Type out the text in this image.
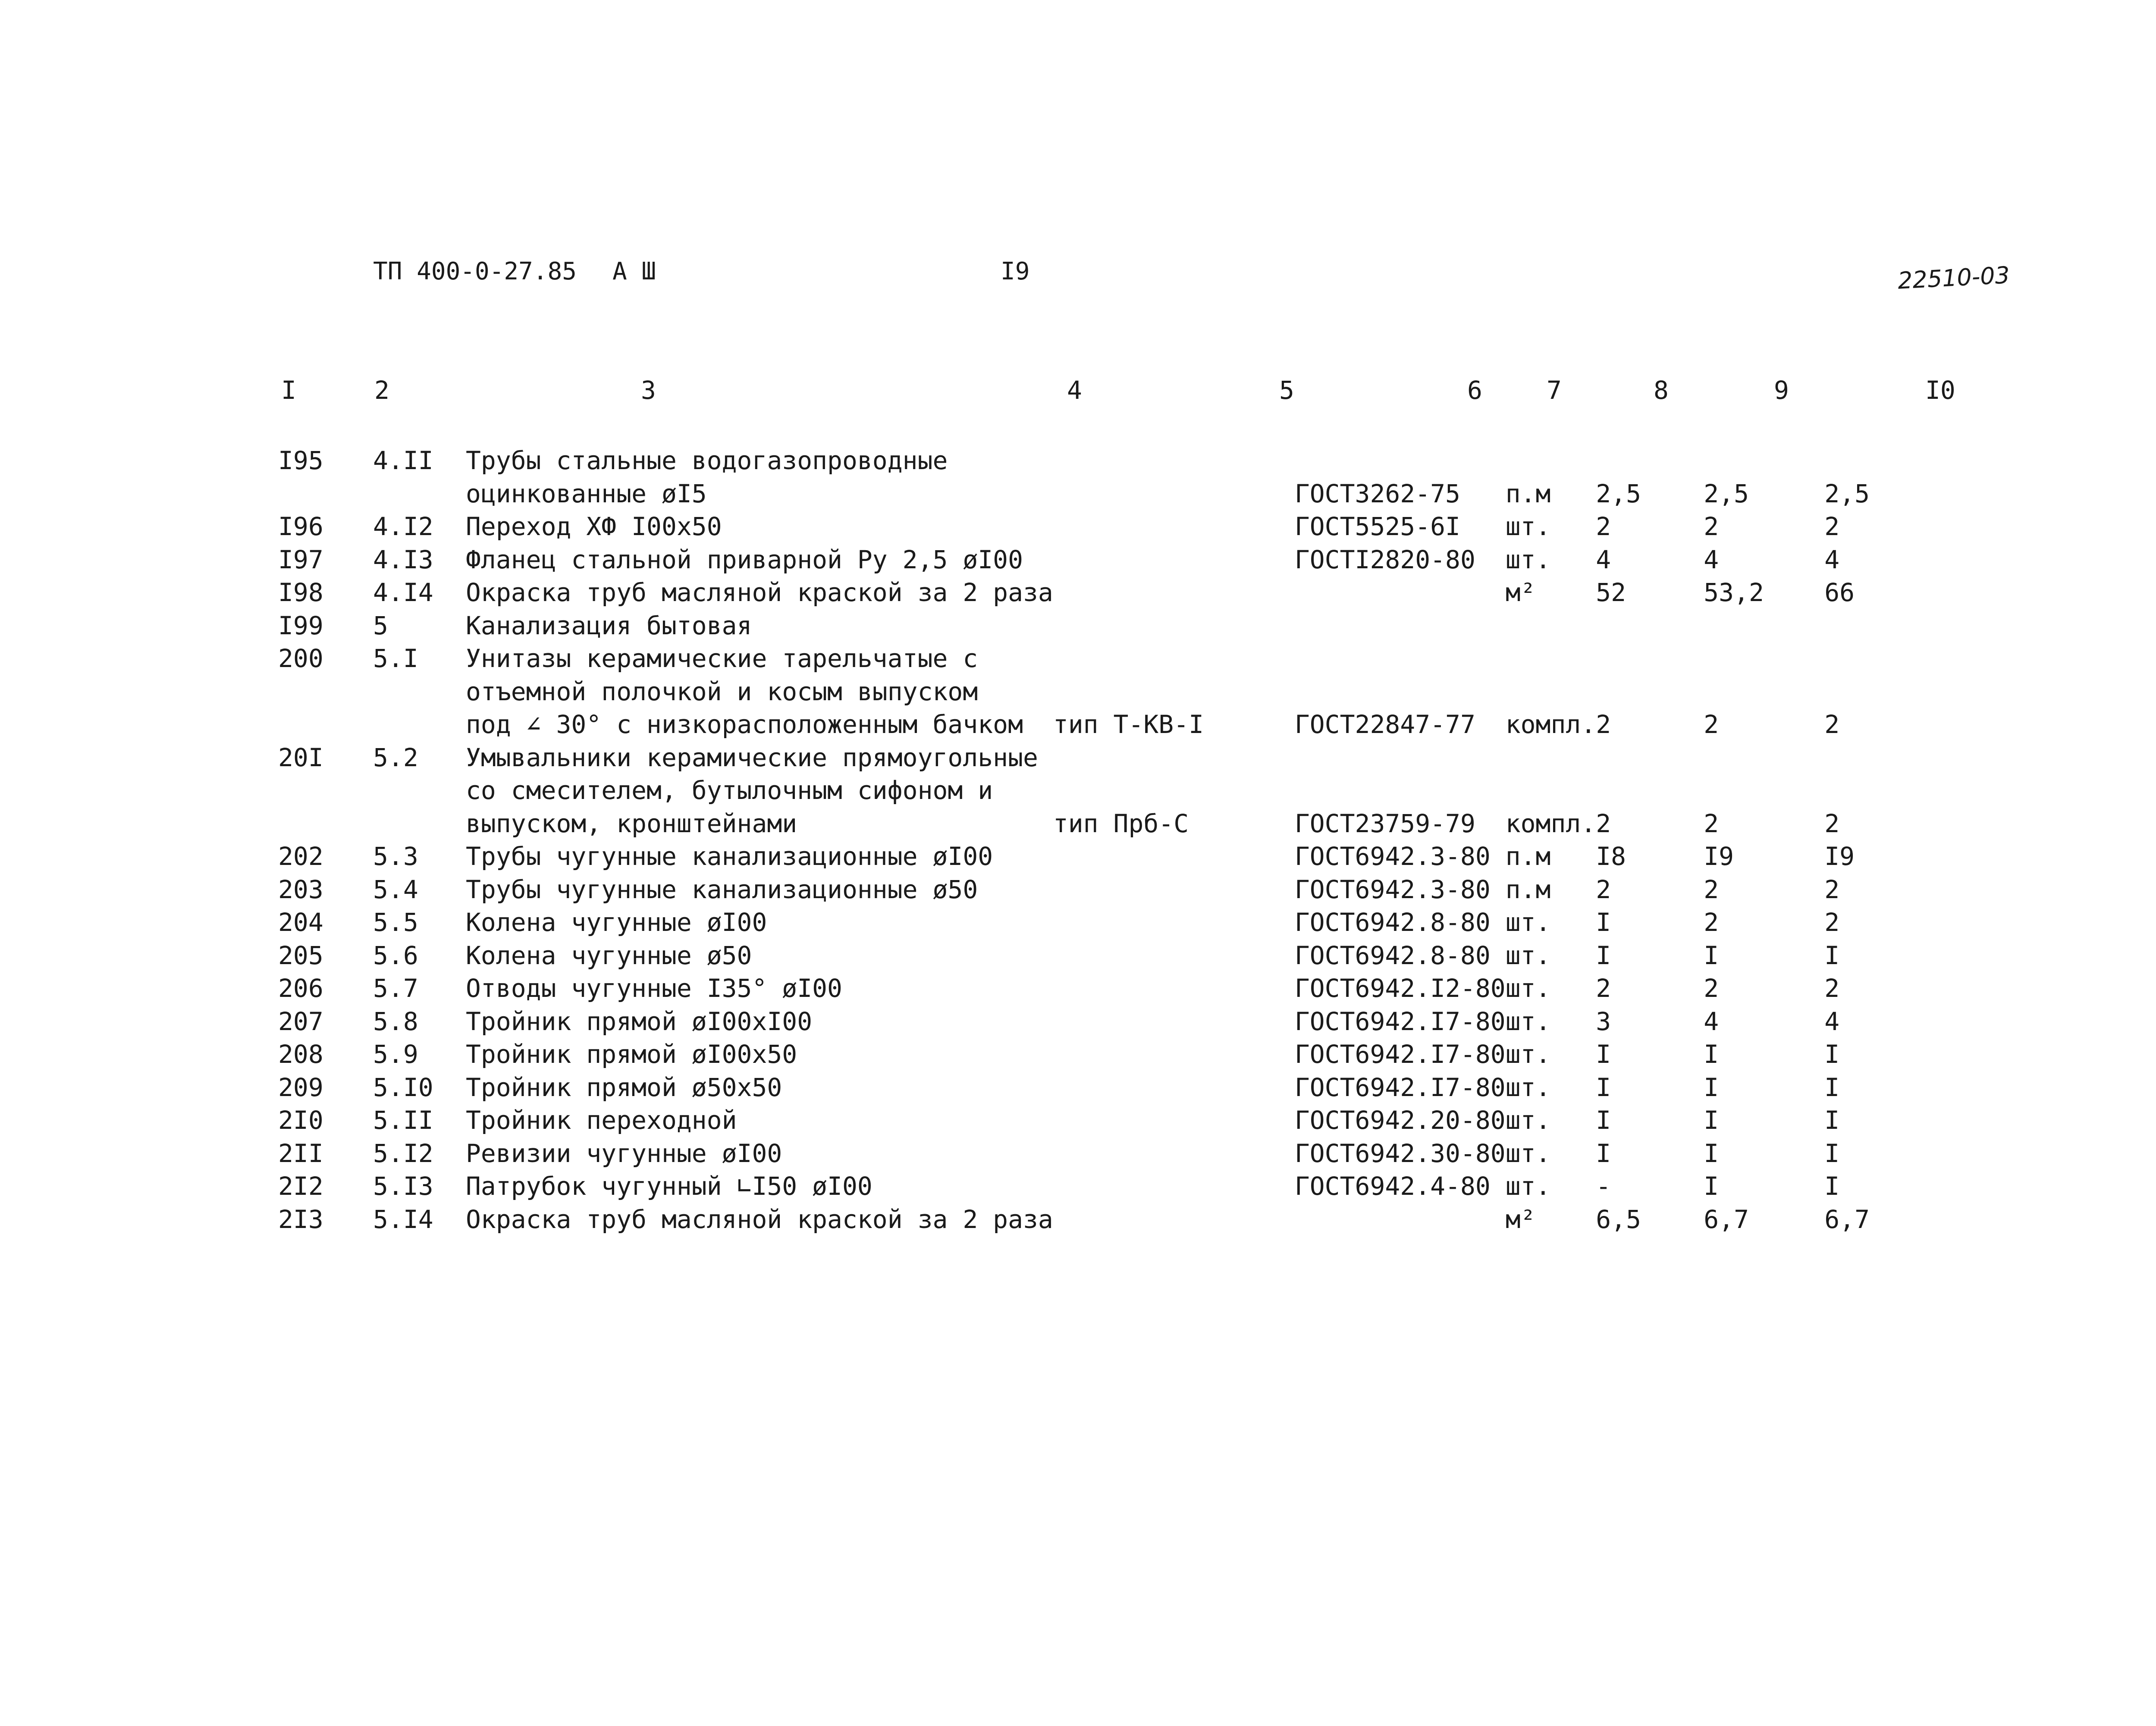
ТП 400-0-27.85 А Ш	I9	22510-03
I	2	3	4	5	6	7	8	9	I0
I95	4.II	Трубы стальные водогазопроводные						
		оцинкованные øI5		ГОСТ3262-75	п.м	2,5	2,5	2,5
I96	4.I2	Переход ХФ I00x50		ГОСТ5525-6I	шт.	2	2	2
I97	4.I3	Фланец стальной приварной Ру 2,5 øI00		ГОСТI2820-80	шт.	4	4	4
I98	4.I4	Окраска труб масляной краской за 2 раза			м²	52	53,2	66
I99	5	Канализация бытовая						
200	5.I	Унитазы керамические тарельчатые с						
		отъемной полочкой и косым выпуском						
		под ∠ 30° с низкорасположенным бачком	тип Т-КВ-I	ГОСТ22847-77	компл.	2	2	2
20I	5.2	Умывальники керамические прямоугольные						
		со смесителем, бутылочным сифоном и						
		выпуском, кронштейнами	тип Прб-С	ГОСТ23759-79	компл.	2	2	2
202	5.3	Трубы чугунные канализационные øI00		ГОСТ6942.3-80	п.м	I8	I9	I9
203	5.4	Трубы чугунные канализационные ø50		ГОСТ6942.3-80	п.м	2	2	2
204	5.5	Колена чугунные øI00		ГОСТ6942.8-80	шт.	I	2	2
205	5.6	Колена чугунные ø50		ГОСТ6942.8-80	шт.	I	I	I
206	5.7	Отводы чугунные I35° øI00		ГОСТ6942.I2-80	шт.	2	2	2
207	5.8	Тройник прямой øI00xI00		ГОСТ6942.I7-80	шт.	3	4	4
208	5.9	Тройник прямой øI00x50		ГОСТ6942.I7-80	шт.	I	I	I
209	5.I0	Тройник прямой ø50x50		ГОСТ6942.I7-80	шт.	I	I	I
2I0	5.II	Тройник переходной		ГОСТ6942.20-80	шт.	I	I	I
2II	5.I2	Ревизии чугунные øI00		ГОСТ6942.30-80	шт.	I	I	I
2I2	5.I3	Патрубок чугунный ∟I50 øI00		ГОСТ6942.4-80	шт.	-	I	I
2I3	5.I4	Окраска труб масляной краской за 2 раза			м²	6,5	6,7	6,7
